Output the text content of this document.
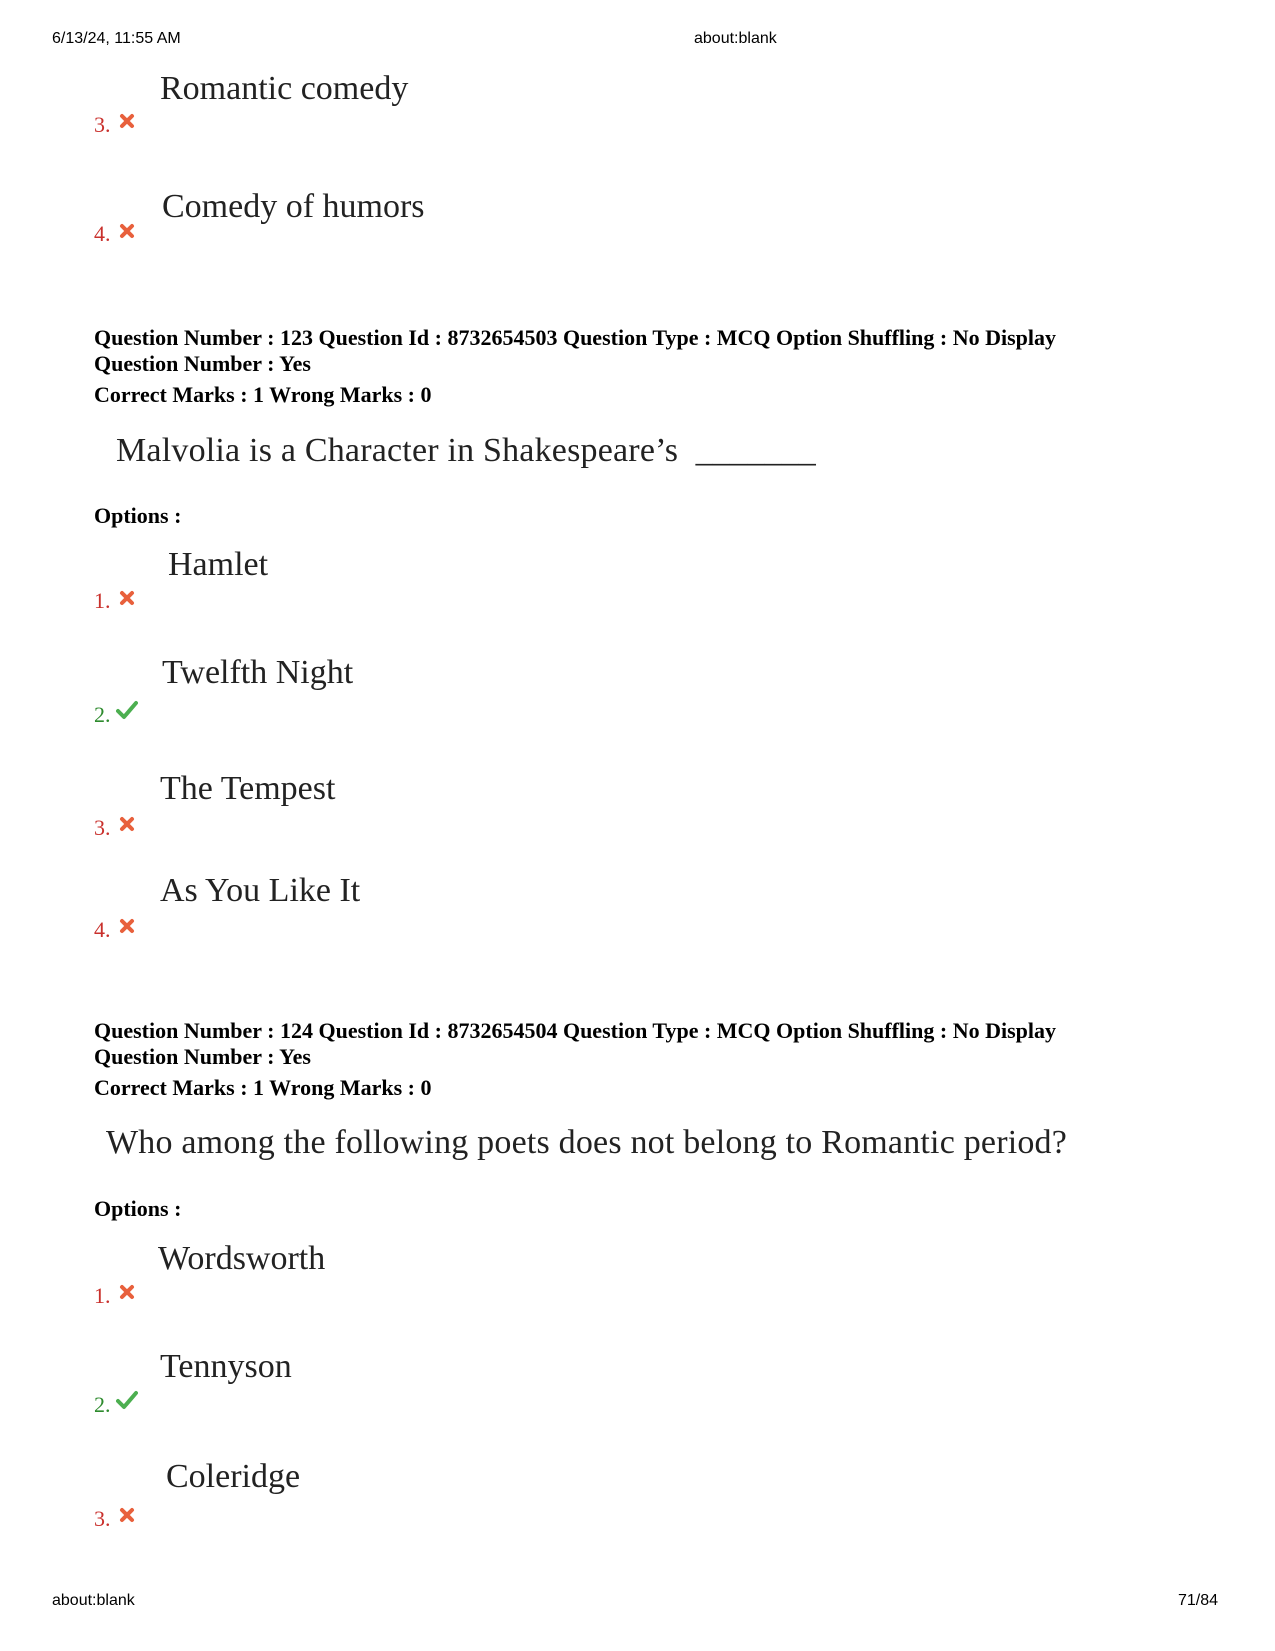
6/13/24, 11:55 AM	about:blank
about:blank	71/84
Romantic comedy
3.
Comedy of humors
4.
Question Number : 123 Question Id : 8732654503 Question Type : MCQ Option Shuffling : No Display
Question Number : Yes
Correct Marks : 1 Wrong Marks : 0
Malvolia is a Character in Shakespeare’s  _______
Options :
Hamlet
1.
Twelfth Night
2.
The Tempest
3.
As You Like It
4.
Question Number : 124 Question Id : 8732654504 Question Type : MCQ Option Shuffling : No Display
Question Number : Yes
Correct Marks : 1 Wrong Marks : 0
Who among the following poets does not belong to Romantic period?
Options :
Wordsworth
1.
Tennyson
2.
Coleridge
3.
